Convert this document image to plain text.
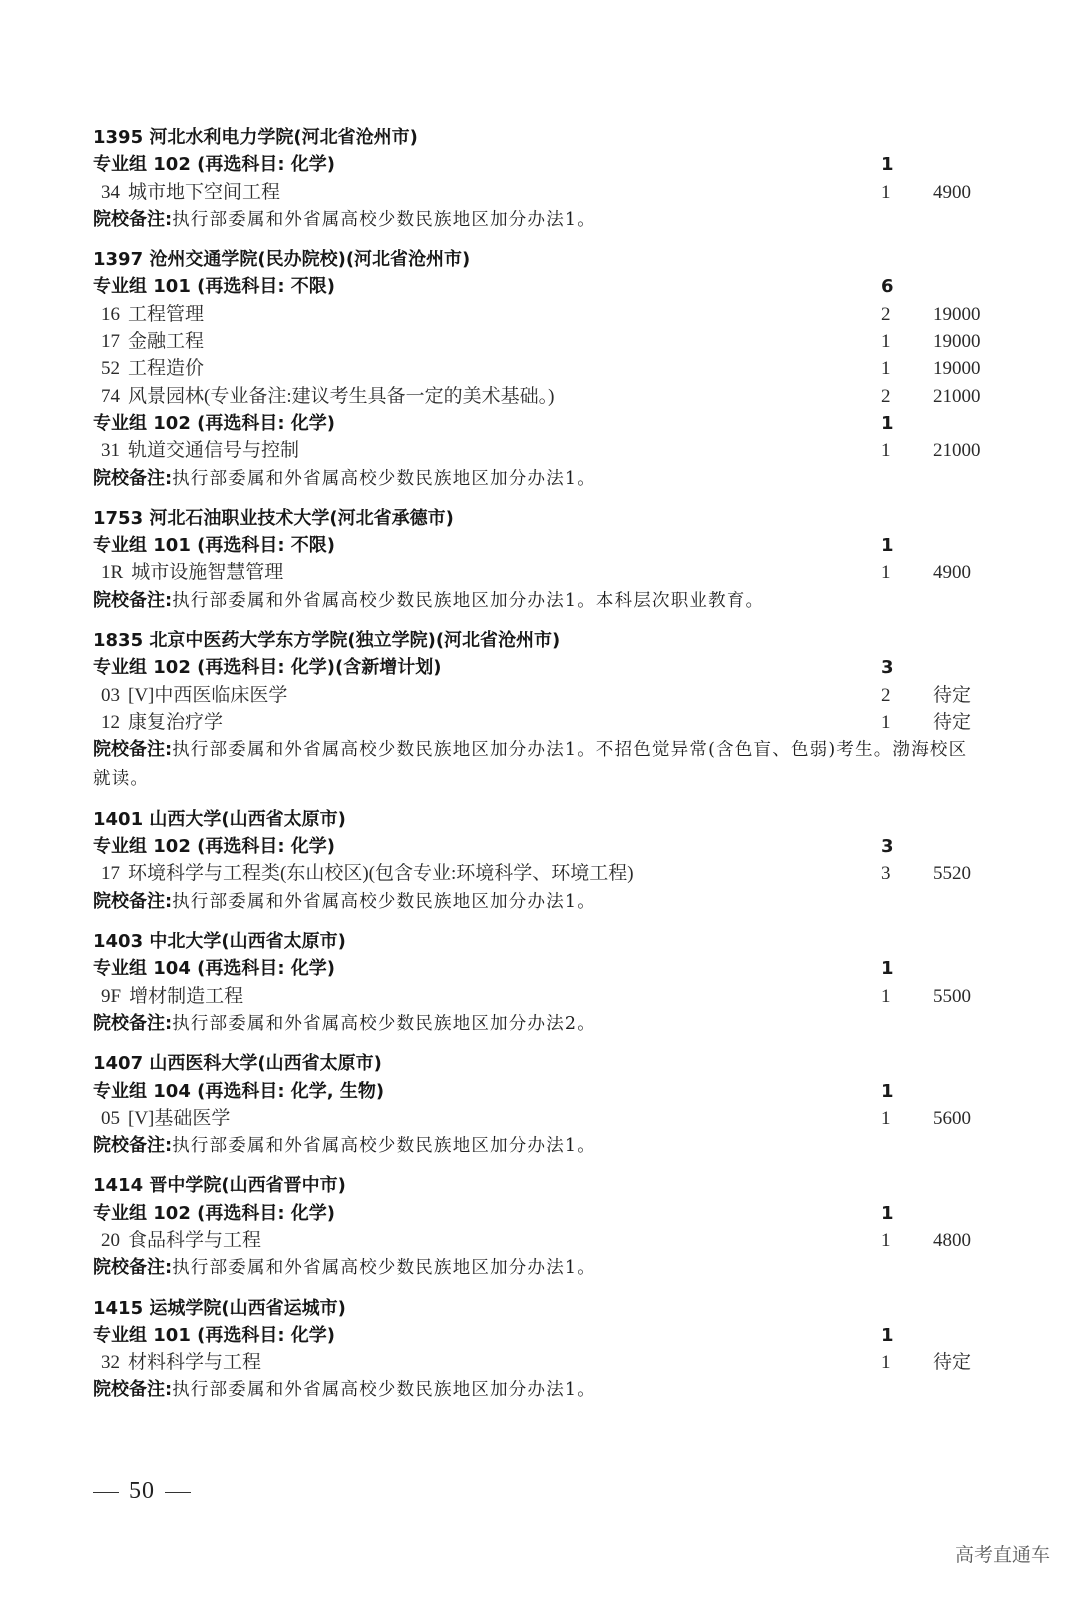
1395 河北水利电力学院(河北省沧州市)
专业组 102 (再选科目: 化学)	1
34 城市地下空间工程	1 4900
院校备注:执行部委属和外省属高校少数民族地区加分办法1。
1397 沧州交通学院(民办院校)(河北省沧州市)
专业组 101 (再选科目: 不限)	6
16 工程管理	2 19000
17 金融工程	1 19000
52 工程造价	1 19000
74 风景园林(专业备注:建议考生具备一定的美术基础。)	2 21000
专业组 102 (再选科目: 化学)	1
31 轨道交通信号与控制	1 21000
院校备注:执行部委属和外省属高校少数民族地区加分办法1。
1753 河北石油职业技术大学(河北省承德市)
专业组 101 (再选科目: 不限)	1
1R 城市设施智慧管理	1 4900
院校备注:执行部委属和外省属高校少数民族地区加分办法1。本科层次职业教育。
1835 北京中医药大学东方学院(独立学院)(河北省沧州市)
专业组 102 (再选科目: 化学)(含新增计划)	3
03 [V]中西医临床医学	2 待定
12 康复治疗学	1 待定
院校备注:执行部委属和外省属高校少数民族地区加分办法1。不招色觉异常(含色盲、色弱)考生。渤海校区就读。
1401 山西大学(山西省太原市)
专业组 102 (再选科目: 化学)	3
17 环境科学与工程类(东山校区)(包含专业:环境科学、环境工程)	3 5520
院校备注:执行部委属和外省属高校少数民族地区加分办法1。
1403 中北大学(山西省太原市)
专业组 104 (再选科目: 化学)	1
9F 增材制造工程	1 5500
院校备注:执行部委属和外省属高校少数民族地区加分办法2。
1407 山西医科大学(山西省太原市)
专业组 104 (再选科目: 化学, 生物)	1
05 [V]基础医学	1 5600
院校备注:执行部委属和外省属高校少数民族地区加分办法1。
1414 晋中学院(山西省晋中市)
专业组 102 (再选科目: 化学)	1
20 食品科学与工程	1 4800
院校备注:执行部委属和外省属高校少数民族地区加分办法1。
1415 运城学院(山西省运城市)
专业组 101 (再选科目: 化学)	1
32 材料科学与工程	1 待定
院校备注:执行部委属和外省属高校少数民族地区加分办法1。
50
高考直通车
